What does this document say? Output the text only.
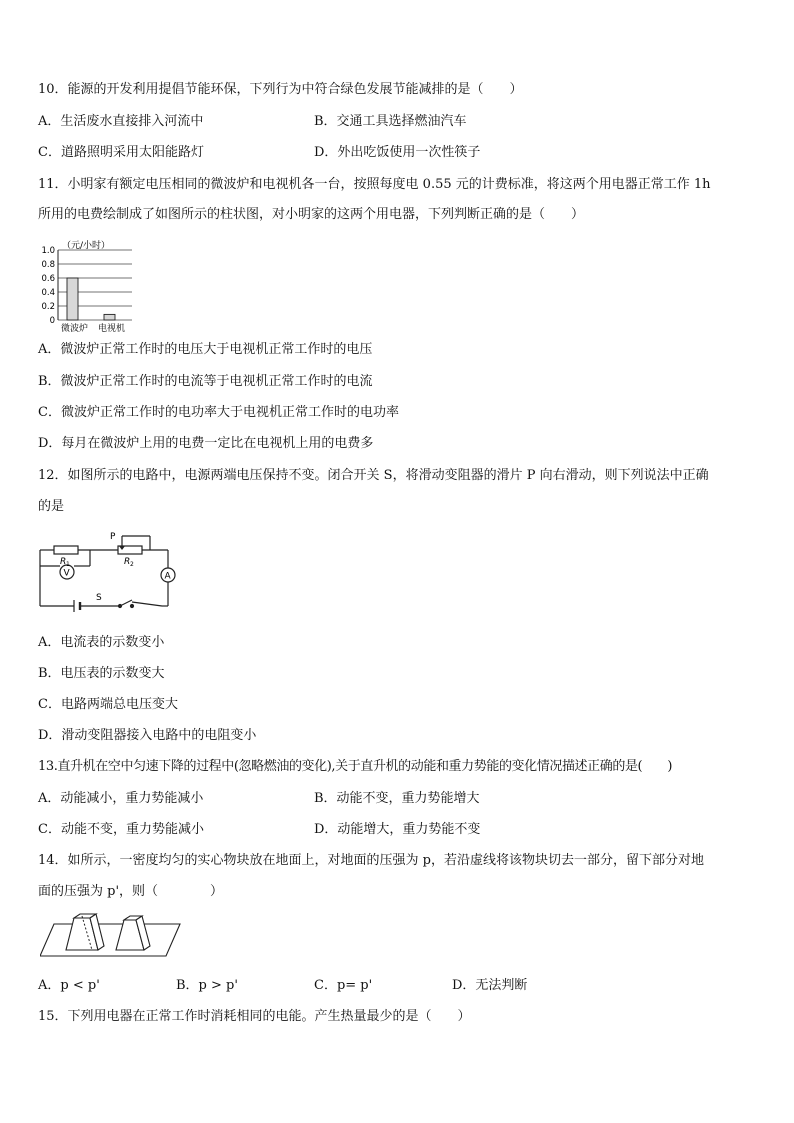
10．能源的开发利用提倡节能环保，下列行为中符合绿色发展节能减排的是（　　）
A．生活废水直接排入河流中	B．交通工具选择燃油汽车
C．道路照明采用太阳能路灯	D．外出吃饭使用一次性筷子
11．小明家有额定电压相同的微波炉和电视机各一台，按照每度电 0.55 元的计费标准，将这两个用电器正常工作 1h
所用的电费绘制成了如图所示的柱状图，对小明家的这两个用电器，下列判断正确的是（　　）
（元/小时）
1.0
0.8
0.6
0.4
0.2
0
微波炉 电视机
A．微波炉正常工作时的电压大于电视机正常工作时的电压
B．微波炉正常工作时的电流等于电视机正常工作时的电流
C．微波炉正常工作时的电功率大于电视机正常工作时的电功率
D．每月在微波炉上用的电费一定比在电视机上用的电费多
12．如图所示的电路中，电源两端电压保持不变。闭合开关 S，将滑动变阻器的滑片 P 向右滑动，则下列说法中正确
的是
P
R 1	R 2
V	A
S
A．电流表的示数变小
B．电压表的示数变大
C．电路两端总电压变大
D．滑动变阻器接入电路中的电阻变小
13.直升机在空中匀速下降的过程中(忽略燃油的变化),关于直升机的动能和重力势能的变化情况描述正确的是(　　)
A．动能减小，重力势能减小	B．动能不变，重力势能增大
C．动能不变，重力势能减小	D．动能增大，重力势能不变
14．如所示，一密度均匀的实心物块放在地面上，对地面的压强为 p，若沿虚线将该物块切去一部分，留下部分对地
面的压强为 p'，则（　　　　）
A．p < p'	B．p > p'	C．p= p'	D．无法判断
15．下列用电器在正常工作时消耗相同的电能。产生热量最少的是（　　）
